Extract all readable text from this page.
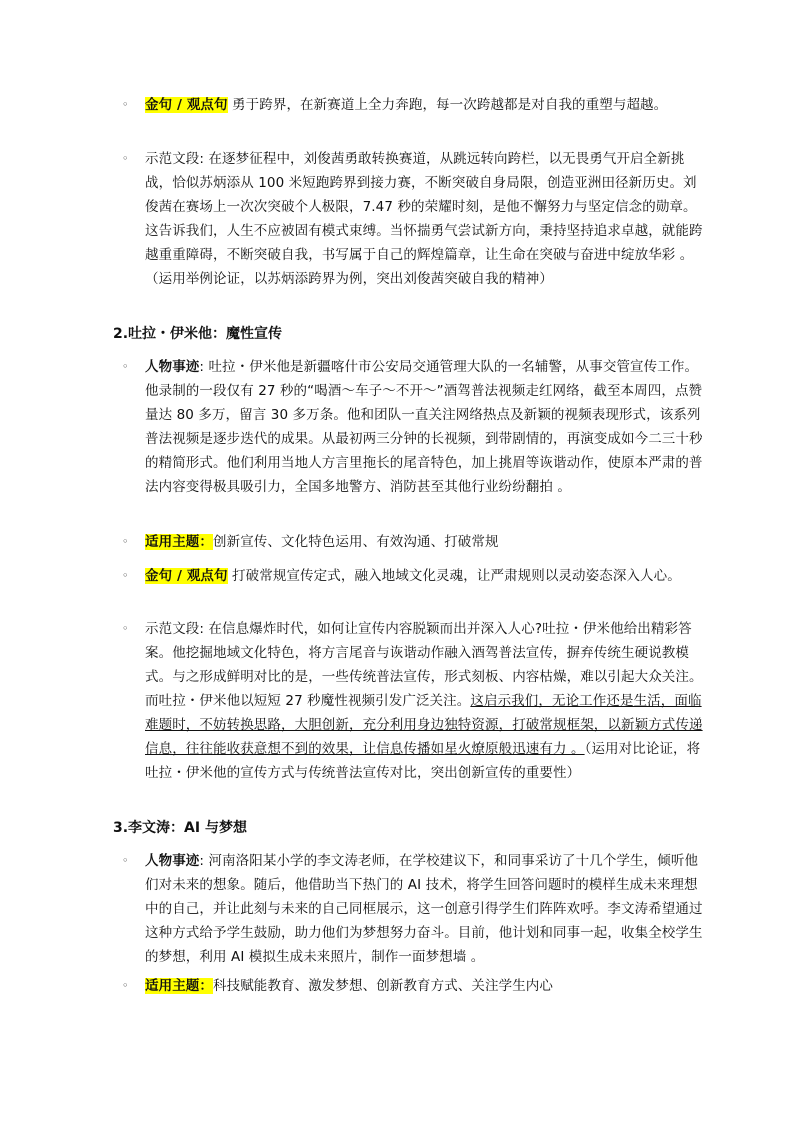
◦ 金句 / 观点句 勇于跨界，在新赛道上全力奔跑，每一次跨越都是对自我的重塑与超越。
◦ 示范文段: 在逐梦征程中，刘俊茜勇敢转换赛道，从跳远转向跨栏，以无畏勇气开启全新挑战，恰似苏炳添从 100 米短跑跨界到接力赛，不断突破自身局限，创造亚洲田径新历史。刘俊茜在赛场上一次次突破个人极限，7.47 秒的荣耀时刻，是他不懈努力与坚定信念的勋章。这告诉我们，人生不应被固有模式束缚。当怀揣勇气尝试新方向，秉持坚持追求卓越，就能跨越重重障碍，不断突破自我，书写属于自己的辉煌篇章，让生命在突破与奋进中绽放华彩 。（运用举例论证，以苏炳添跨界为例，突出刘俊茜突破自我的精神）
2.吐拉・伊米他：魔性宣传
◦ 人物事迹: 吐拉・伊米他是新疆喀什市公安局交通管理大队的一名辅警，从事交管宣传工作。他录制的一段仅有 27 秒的“喝酒～车子～不开～”酒驾普法视频走红网络，截至本周四，点赞量达 80 多万，留言 30 多万条。他和团队一直关注网络热点及新颖的视频表现形式，该系列普法视频是逐步迭代的成果。从最初两三分钟的长视频，到带剧情的，再演变成如今二三十秒的精简形式。他们利用当地人方言里拖长的尾音特色，加上挑眉等诙谐动作，使原本严肃的普法内容变得极具吸引力，全国多地警方、消防甚至其他行业纷纷翻拍 。
◦ 适用主题：创新宣传、文化特色运用、有效沟通、打破常规
◦ 金句 / 观点句 打破常规宣传定式，融入地域文化灵魂，让严肃规则以灵动姿态深入人心。
◦ 示范文段: 在信息爆炸时代，如何让宣传内容脱颖而出并深入人心?吐拉・伊米他给出精彩答案。他挖掘地域文化特色，将方言尾音与诙谐动作融入酒驾普法宣传，摒弃传统生硬说教模式。与之形成鲜明对比的是，一些传统普法宣传，形式刻板、内容枯燥，难以引起大众关注。而吐拉・伊米他以短短 27 秒魔性视频引发广泛关注。这启示我们，无论工作还是生活，面临难题时，不妨转换思路，大胆创新，充分利用身边独特资源，打破常规框架，以新颖方式传递信息，往往能收获意想不到的效果，让信息传播如星火燎原般迅速有力 。（运用对比论证，将吐拉・伊米他的宣传方式与传统普法宣传对比，突出创新宣传的重要性）
3.李文涛：AI 与梦想
◦ 人物事迹: 河南洛阳某小学的李文涛老师，在学校建议下，和同事采访了十几个学生，倾听他们对未来的想象。随后，他借助当下热门的 AI 技术，将学生回答问题时的模样生成未来理想中的自己，并让此刻与未来的自己同框展示，这一创意引得学生们阵阵欢呼。李文涛希望通过这种方式给予学生鼓励，助力他们为梦想努力奋斗。目前，他计划和同事一起，收集全校学生的梦想，利用 AI 模拟生成未来照片，制作一面梦想墙 。
◦ 适用主题：科技赋能教育、激发梦想、创新教育方式、关注学生内心
